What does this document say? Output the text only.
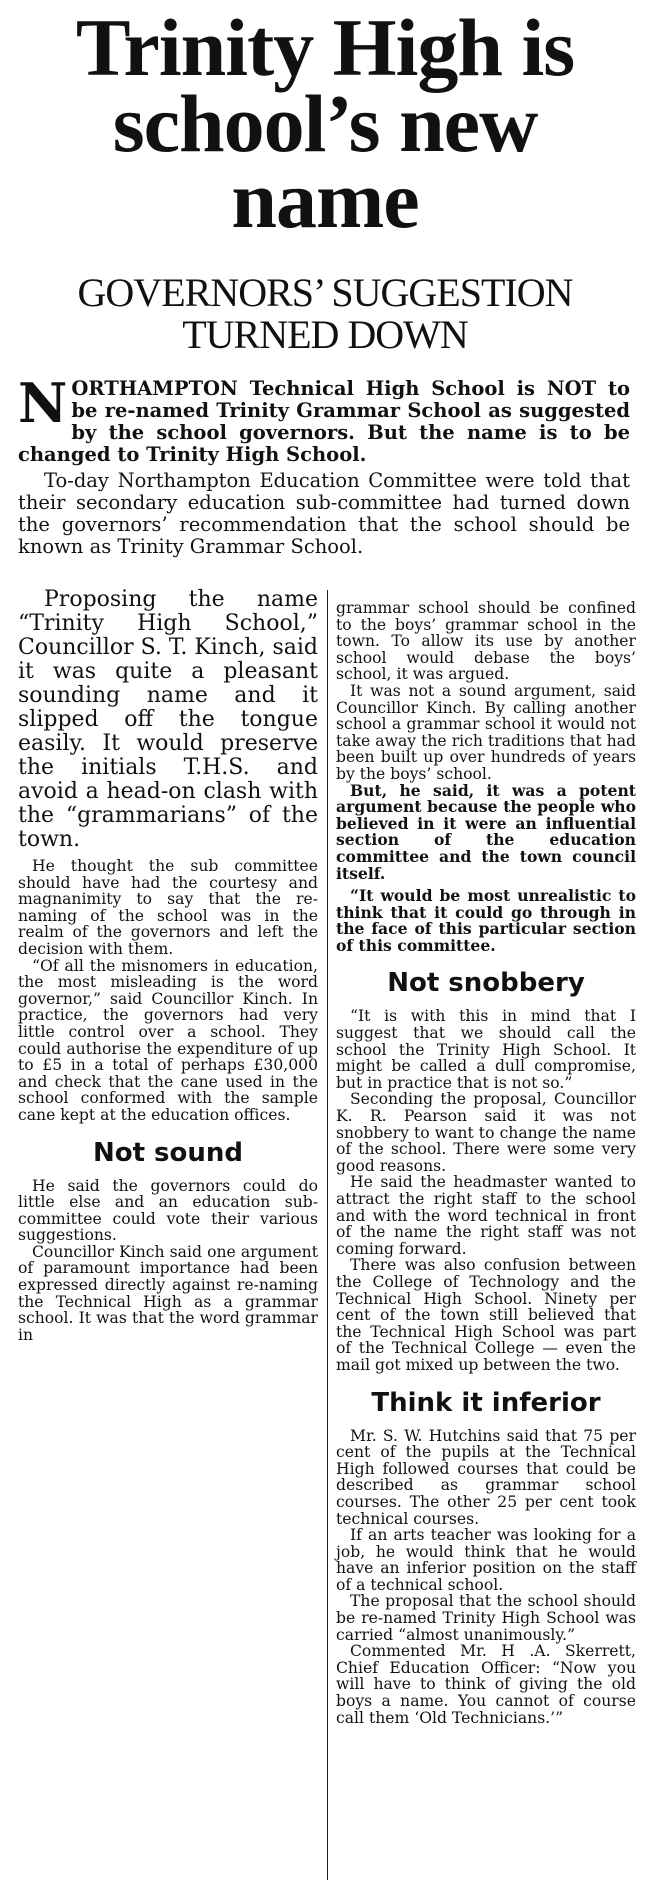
Trinity High is
school’s new
name
GOVERNORS’ SUGGESTION
TURNED DOWN
NORTHAMPTON Technical High School is NOT to be re-named Trinity Grammar School as suggested by the school governors. But the name is to be changed to Trinity High School.

To-day Northampton Education Committee were told that their secondary education sub-committee had turned down the governors’ recommendation that the school should be known as Trinity Grammar School.

Proposing the name “Trinity High School,” Councillor S. T. Kinch, said it was quite a pleasant sounding name and it slipped off the tongue easily. It would preserve the initials T.H.S. and avoid a head-on clash with the “grammarians” of the town.

He thought the sub committee should have had the courtesy and magnanimity to say that the re-naming of the school was in the realm of the governors and left the decision with them.

“Of all the misnomers in education, the most misleading is the word governor,” said Councillor Kinch. In practice, the governors had very little control over a school. They could authorise the expenditure of up to £5 in a total of perhaps £30,000 and check that the cane used in the school conformed with the sample cane kept at the education offices.

Not sound

He said the governors could do little else and an education sub-committee could vote their various suggestions.

Councillor Kinch said one argument of paramount importance had been expressed directly against re-naming the Technical High as a grammar school. It was that the word grammar in

grammar school should be confined to the boys’ grammar school in the town. To allow its use by another school would debase the boys’ school, it was argued.

It was not a sound argument, said Councillor Kinch. By calling another school a grammar school it would not take away the rich traditions that had been built up over hundreds of years by the boys’ school.

But, he said, it was a potent argument because the people who believed in it were an influential section of the education committee and the town council itself.

“It would be most unrealistic to think that it could go through in the face of this particular section of this committee.

Not snobbery

“It is with this in mind that I suggest that we should call the school the Trinity High School. It might be called a dull compromise, but in practice that is not so.”

Seconding the proposal, Councillor K. R. Pearson said it was not snobbery to want to change the name of the school. There were some very good reasons.

He said the headmaster wanted to attract the right staff to the school and with the word technical in front of the name the right staff was not coming forward.

There was also confusion between the College of Technology and the Technical High School. Ninety per cent of the town still believed that the Technical High School was part of the Technical College — even the mail got mixed up between the two.

Think it inferior

Mr. S. W. Hutchins said that 75 per cent of the pupils at the Technical High followed courses that could be described as grammar school courses. The other 25 per cent took technical courses.

If an arts teacher was looking for a job, he would think that he would have an inferior position on the staff of a technical school.

The proposal that the school should be re-named Trinity High School was carried “almost unanimously.”

Commented Mr. H .A. Skerrett, Chief Education Officer: “Now you will have to think of giving the old boys a name. You cannot of course call them ‘Old Technicians.’”
